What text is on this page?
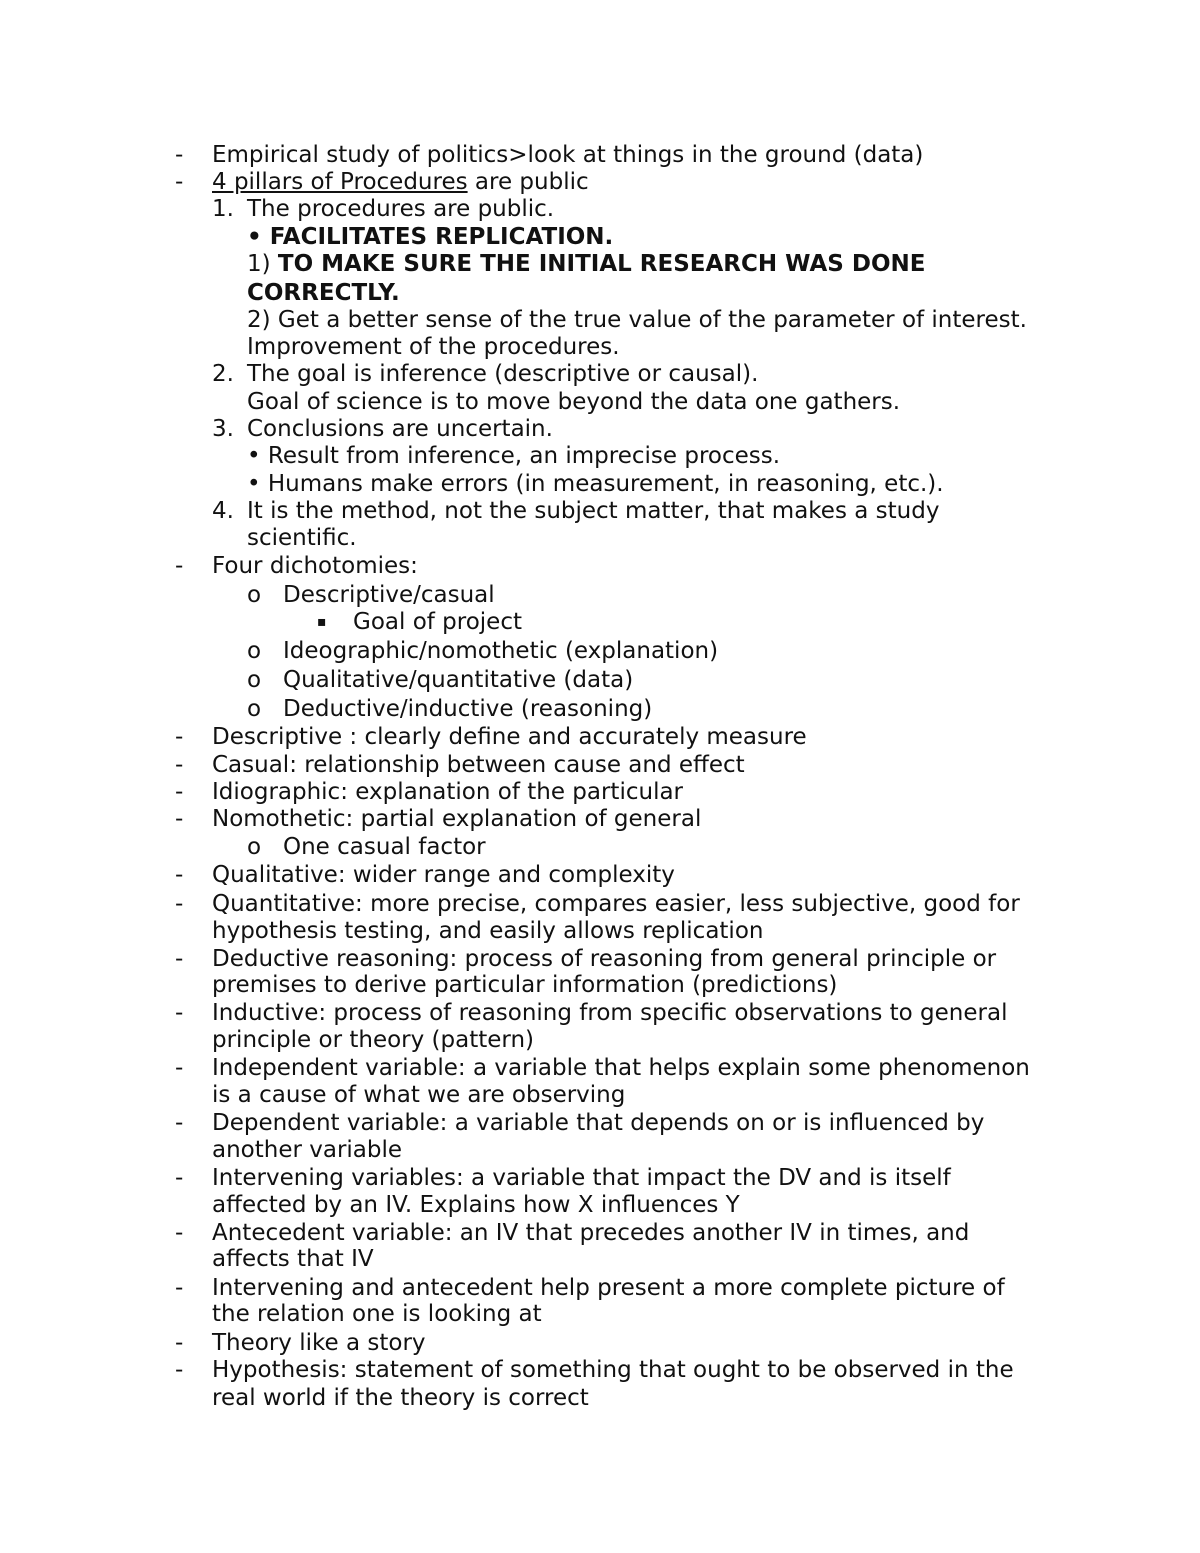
- Empirical study of politics>look at things in the ground (data)
- 4 pillars of Procedures are public
1. The procedures are public.
• FACILITATES REPLICATION.
1) TO MAKE SURE THE INITIAL RESEARCH WAS DONE
CORRECTLY.
2) Get a better sense of the true value of the parameter of interest.
Improvement of the procedures.
2. The goal is inference (descriptive or causal).
Goal of science is to move beyond the data one gathers.
3. Conclusions are uncertain.
• Result from inference, an imprecise process.
• Humans make errors (in measurement, in reasoning, etc.).
4. It is the method, not the subject matter, that makes a study
scientific.
- Four dichotomies:
o Descriptive/casual
▪ Goal of project
o Ideographic/nomothetic (explanation)
o Qualitative/quantitative (data)
o Deductive/inductive (reasoning)
- Descriptive : clearly define and accurately measure
- Casual: relationship between cause and effect
- Idiographic: explanation of the particular
- Nomothetic: partial explanation of general
o One casual factor
- Qualitative: wider range and complexity
- Quantitative: more precise, compares easier, less subjective, good for
hypothesis testing, and easily allows replication
- Deductive reasoning: process of reasoning from general principle or
premises to derive particular information (predictions)
- Inductive: process of reasoning from specific observations to general
principle or theory (pattern)
- Independent variable: a variable that helps explain some phenomenon
is a cause of what we are observing
- Dependent variable: a variable that depends on or is influenced by
another variable
- Intervening variables: a variable that impact the DV and is itself
affected by an IV. Explains how X influences Y
- Antecedent variable: an IV that precedes another IV in times, and
affects that IV
- Intervening and antecedent help present a more complete picture of
the relation one is looking at
- Theory like a story
- Hypothesis: statement of something that ought to be observed in the
real world if the theory is correct
